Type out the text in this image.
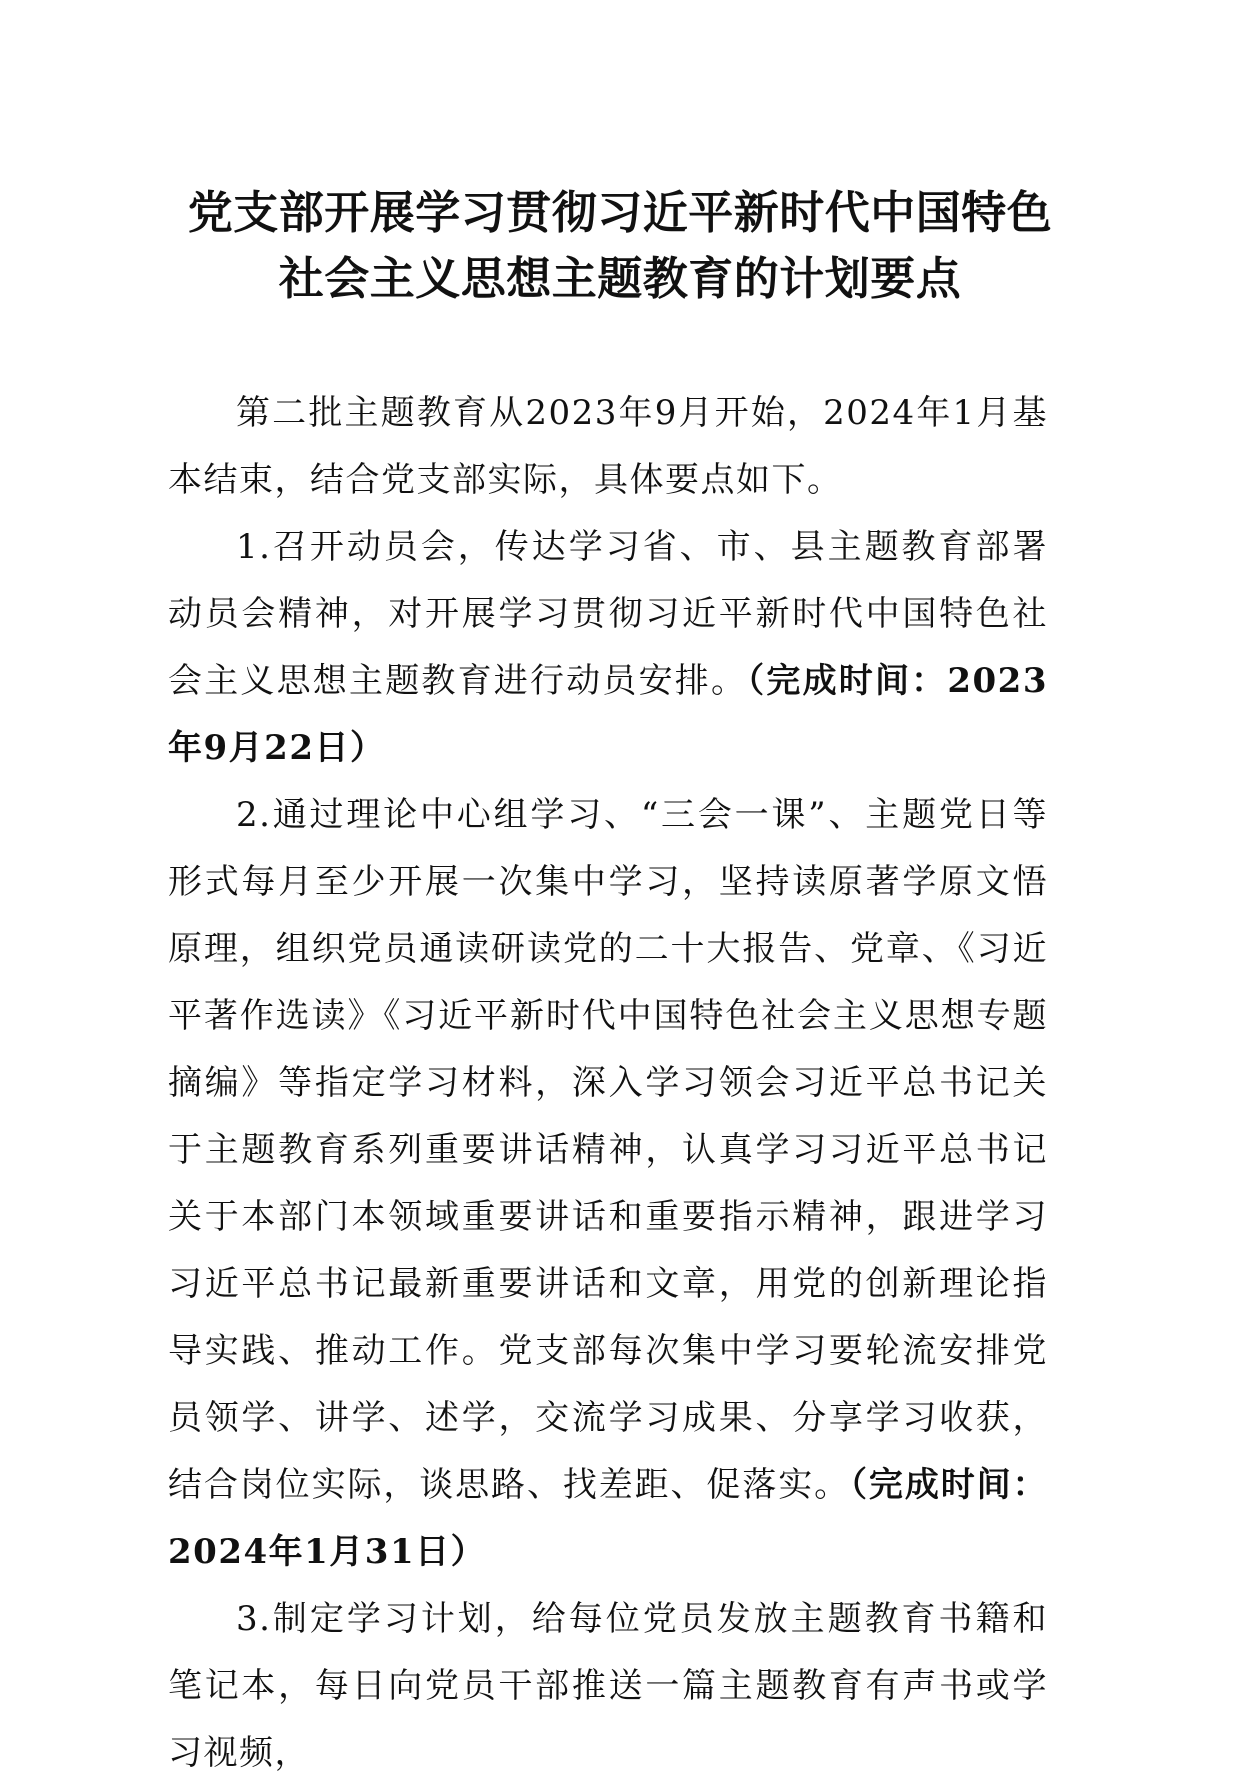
党支部开展学习贯彻习近平新时代中国特色
社会主义思想主题教育的计划要点

第二批主题教育从2023年9月开始，2024年1月基本结束，结合党支部实际，具体要点如下。

1.召开动员会，传达学习省、市、县主题教育部署动员会精神，对开展学习贯彻习近平新时代中国特色社会主义思想主题教育进行动员安排。（完成时间：2023年9月22日）

2.通过理论中心组学习、“三会一课”、主题党日等形式每月至少开展一次集中学习，坚持读原著学原文悟原理，组织党员通读研读党的二十大报告、党章、《习近平著作选读》《习近平新时代中国特色社会主义思想专题摘编》等指定学习材料，深入学习领会习近平总书记关于主题教育系列重要讲话精神，认真学习习近平总书记关于本部门本领域重要讲话和重要指示精神，跟进学习习近平总书记最新重要讲话和文章，用党的创新理论指导实践、推动工作。党支部每次集中学习要轮流安排党员领学、讲学、述学，交流学习成果、分享学习收获，结合岗位实际，谈思路、找差距、促落实。（完成时间：2024年1月31日）

3.制定学习计划，给每位党员发放主题教育书籍和笔记本，每日向党员干部推送一篇主题教育有声书或学习视频，
